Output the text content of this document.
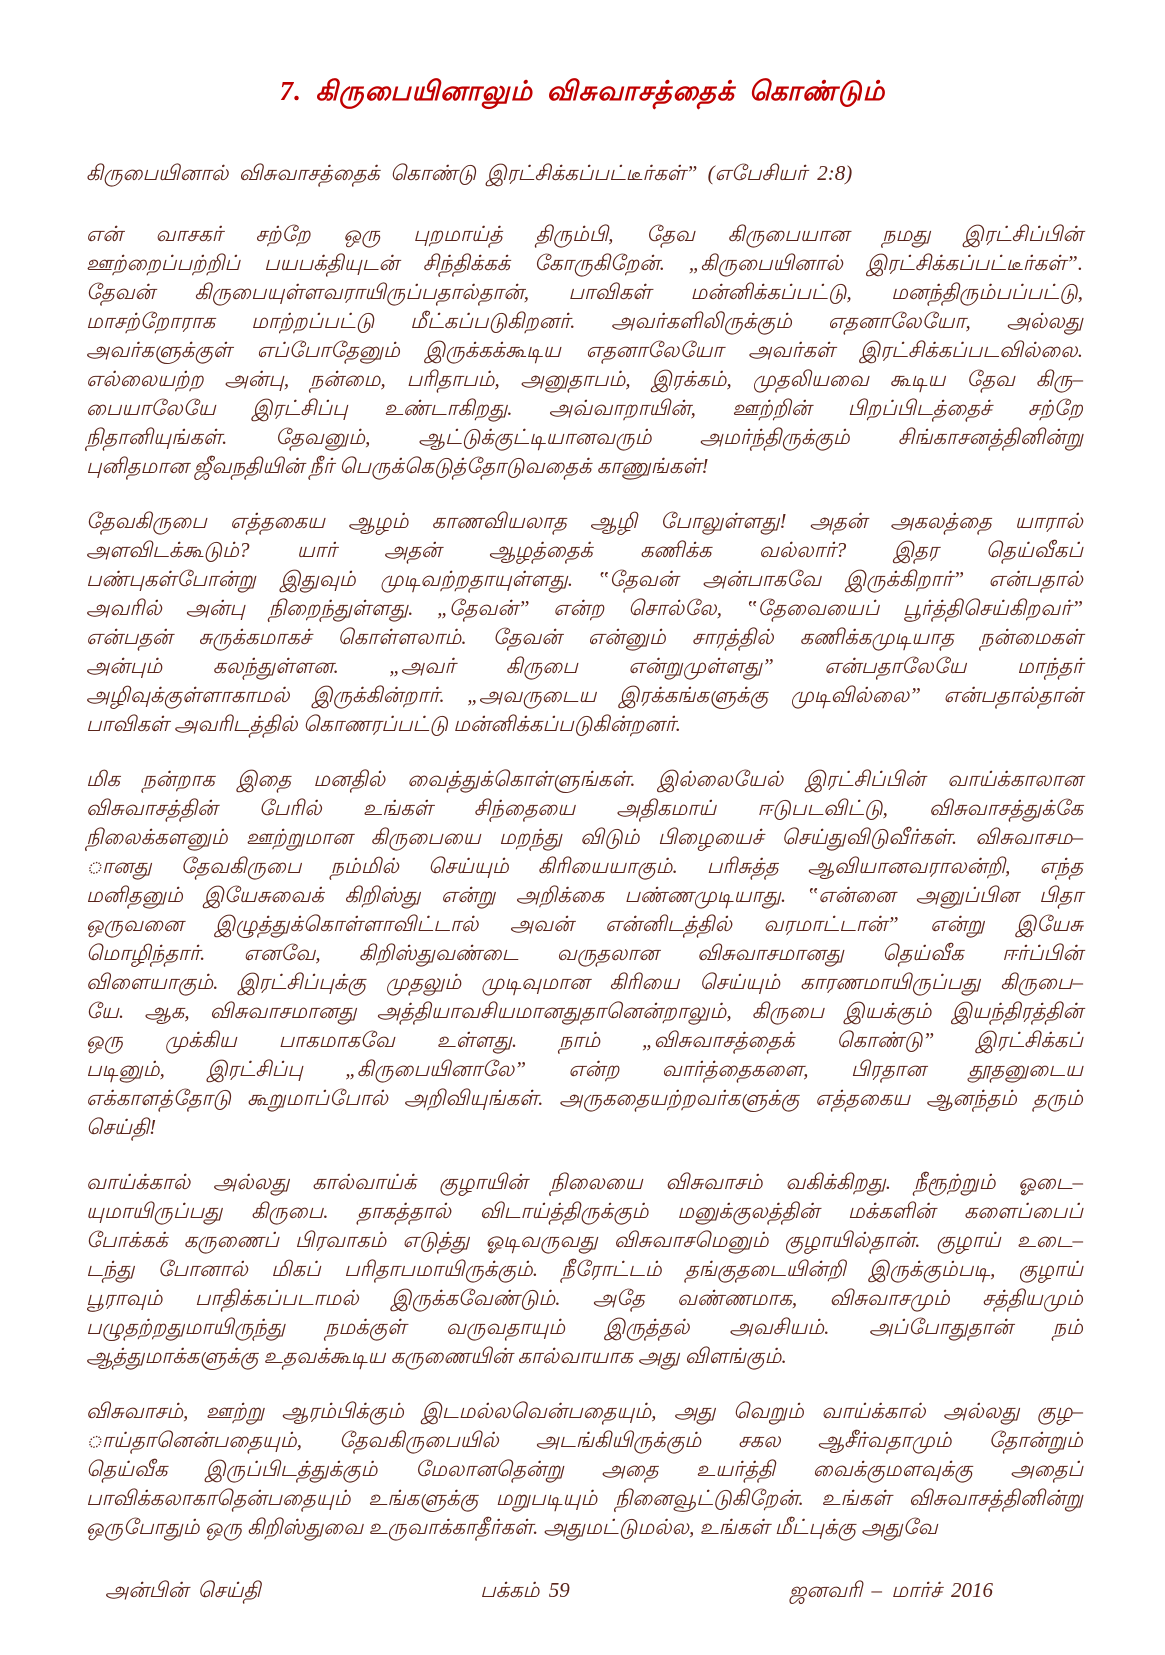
7. கிருபையினாலும் விசுவாசத்தைக் கொண்டும்
கிருபையினால் விசுவாசத்தைக் கொண்டு இரட்சிக்கப்பட்டீர்கள்” (எபேசியர் 2:8)
என் வாசகர் சற்றே ஒரு புறமாய்த் திரும்பி, தேவ கிருபையான நமது இரட்சிப்பின்
ஊற்றைப்பற்றிப் பயபக்தியுடன் சிந்திக்கக் கோருகிறேன். „கிருபையினால் இரட்சிக்கப்பட்டீர்கள்”.
தேவன் கிருபையுள்ளவராயிருப்பதால்தான், பாவிகள் மன்னிக்கப்பட்டு, மனந்திரும்பப்பட்டு,
மாசற்றோராக மாற்றப்பட்டு மீட்கப்படுகிறனர். அவர்களிலிருக்கும் எதனாலேயோ, அல்லது
அவர்களுக்குள் எப்போதேனும் இருக்கக்கூடிய எதனாலேயோ அவர்கள் இரட்சிக்கப்படவில்லை.
எல்லையற்ற அன்பு, நன்மை, பரிதாபம், அனுதாபம், இரக்கம், முதலியவை கூடிய தேவ கிரு–
பையாலேயே இரட்சிப்பு உண்டாகிறது. அவ்வாறாயின், ஊற்றின் பிறப்பிடத்தைச் சற்றே
நிதானியுங்கள். தேவனும், ஆட்டுக்குட்டியானவரும் அமர்ந்திருக்கும் சிங்காசனத்தினின்று
புனிதமான ஜீவநதியின் நீர் பெருக்கெடுத்தோடுவதைக் காணுங்கள்!
தேவகிருபை எத்தகைய ஆழம் காணவியலாத ஆழி போலுள்ளது! அதன் அகலத்தை யாரால்
அளவிடக்கூடும்? யார் அதன் ஆழத்தைக் கணிக்க வல்லார்? இதர தெய்வீகப்
பண்புகள்போன்று இதுவும் முடிவற்றதாயுள்ளது. ‟தேவன் அன்பாகவே இருக்கிறார்” என்பதால்
அவரில் அன்பு நிறைந்துள்ளது. „தேவன்” என்ற சொல்லே, ‟தேவையைப் பூர்த்திசெய்கிறவர்”
என்பதன் சுருக்கமாகச் கொள்ளலாம். தேவன் என்னும் சாரத்தில் கணிக்கமுடியாத நன்மைகள்
அன்பும் கலந்துள்ளன. „அவர் கிருபை என்றுமுள்ளது” என்பதாலேயே மாந்தர்
அழிவுக்குள்ளாகாமல் இருக்கின்றார். „அவருடைய இரக்கங்களுக்கு முடிவில்லை” என்பதால்தான்
பாவிகள் அவரிடத்தில் கொணரப்பட்டு மன்னிக்கப்படுகின்றனர்.
மிக நன்றாக இதை மனதில் வைத்துக்கொள்ளுங்கள். இல்லையேல் இரட்சிப்பின் வாய்க்காலான
விசுவாசத்தின் பேரில் உங்கள் சிந்தையை அதிகமாய் ஈடுபடவிட்டு, விசுவாசத்துக்கே
நிலைக்களனும் ஊற்றுமான கிருபையை மறந்து விடும் பிழையைச் செய்துவிடுவீர்கள். விசுவாசம–
ானது தேவகிருபை நம்மில் செய்யும் கிரியையாகும். பரிசுத்த ஆவியானவராலன்றி, எந்த
மனிதனும் இயேசுவைக் கிறிஸ்து என்று அறிக்கை பண்ணமுடியாது. ‟என்னை அனுப்பின பிதா
ஒருவனை இழுத்துக்கொள்ளாவிட்டால் அவன் என்னிடத்தில் வரமாட்டான்” என்று இயேசு
மொழிந்தார். எனவே, கிறிஸ்துவண்டை வருதலான விசுவாசமானது தெய்வீக ஈர்ப்பின்
விளையாகும். இரட்சிப்புக்கு முதலும் முடிவுமான கிரியை செய்யும் காரணமாயிருப்பது கிருபை–
யே. ஆக, விசுவாசமானது அத்தியாவசியமானதுதானென்றாலும், கிருபை இயக்கும் இயந்திரத்தின்
ஒரு முக்கிய பாகமாகவே உள்ளது. நாம் „விசுவாசத்தைக் கொண்டு” இரட்சிக்கப்
படினும், இரட்சிப்பு „கிருபையினாலே” என்ற வார்த்தைகளை, பிரதான தூதனுடைய
எக்காளத்தோடு கூறுமாப்போல் அறிவியுங்கள். அருகதையற்றவர்களுக்கு எத்தகைய ஆனந்தம் தரும்
செய்தி!
வாய்க்கால் அல்லது கால்வாய்க் குழாயின் நிலையை விசுவாசம் வகிக்கிறது. நீரூற்றும் ஓடை–
யுமாயிருப்பது கிருபை. தாகத்தால் விடாய்த்திருக்கும் மனுக்குலத்தின் மக்களின் களைப்பைப்
போக்கக் கருணைப் பிரவாகம் எடுத்து ஓடிவருவது விசுவாசமெனும் குழாயில்தான். குழாய் உடை–
டந்து போனால் மிகப் பரிதாபமாயிருக்கும். நீரோட்டம் தங்குதடையின்றி இருக்கும்படி, குழாய்
பூராவும் பாதிக்கப்படாமல் இருக்கவேண்டும். அதே வண்ணமாக, விசுவாசமும் சத்தியமும்
பழுதற்றதுமாயிருந்து நமக்குள் வருவதாயும் இருத்தல் அவசியம். அப்போதுதான் நம்
ஆத்துமாக்களுக்கு உதவக்கூடிய கருணையின் கால்வாயாக அது விளங்கும்.
விசுவாசம், ஊற்று ஆரம்பிக்கும் இடமல்லவென்பதையும், அது வெறும் வாய்க்கால் அல்லது குழ–
ாய்தானென்பதையும், தேவகிருபையில் அடங்கியிருக்கும் சகல ஆசீர்வதாமும் தோன்றும்
தெய்வீக இருப்பிடத்துக்கும் மேலானதென்று அதை உயர்த்தி வைக்குமளவுக்கு அதைப்
பாவிக்கலாகாதென்பதையும் உங்களுக்கு மறுபடியும் நினைவூட்டுகிறேன். உங்கள் விசுவாசத்தினின்று
ஒருபோதும் ஒரு கிறிஸ்துவை உருவாக்காதீர்கள். அதுமட்டுமல்ல, உங்கள் மீட்புக்கு அதுவே
அன்பின் செய்தி	பக்கம் 59	ஜனவரி – மார்ச் 2016
